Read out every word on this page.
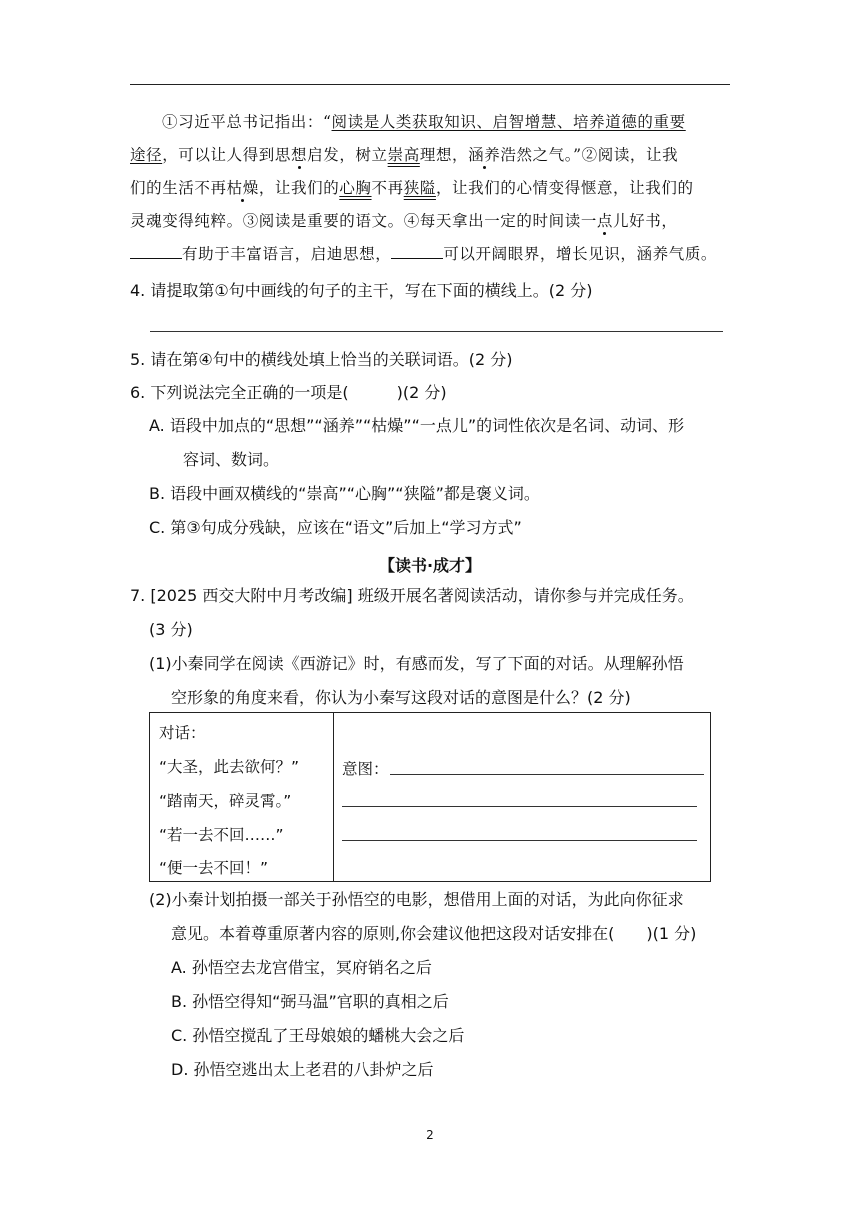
①习近平总书记指出：“阅读是人类获取知识、启智增慧、培养道德的重要
途径，可以让人得到思想启发，树立崇高理想，涵养浩然之气。”②阅读，让我
们的生活不再枯燥，让我们的心胸不再狭隘，让我们的心情变得惬意，让我们的
灵魂变得纯粹。③阅读是重要的语文。④每天拿出一定的时间读一点儿好书，
有助于丰富语言，启迪思想，	可以开阔眼界，增长见识，涵养气质。
4. 请提取第①句中画线的句子的主干，写在下面的横线上。(2 分)
5. 请在第④句中的横线处填上恰当的关联词语。(2 分)
6. 下列说法完全正确的一项是(　　　)(2 分)
A. 语段中加点的“思想”“涵养”“枯燥”“一点儿”的词性依次是名词、动词、形
容词、数词。
B. 语段中画双横线的“崇高”“心胸”“狭隘”都是褒义词。
C. 第③句成分残缺，应该在“语文”后加上“学习方式”
【读书·成才】
7. [2025 西交大附中月考改编] 班级开展名著阅读活动，请你参与并完成任务。
(3 分)
(1)小秦同学在阅读《西游记》时，有感而发，写了下面的对话。从理解孙悟
空形象的角度来看，你认为小秦写这段对话的意图是什么？(2 分)
对话：
“大圣，此去欲何？”
“踏南天，碎灵霄。”
“若一去不回……”
“便一去不回！”

意图：
(2)小秦计划拍摄一部关于孙悟空的电影，想借用上面的对话，为此向你征求
意见。本着尊重原著内容的原则,你会建议他把这段对话安排在(　　)(1 分)
A. 孙悟空去龙宫借宝，冥府销名之后
B. 孙悟空得知“弼马温”官职的真相之后
C. 孙悟空搅乱了王母娘娘的蟠桃大会之后
D. 孙悟空逃出太上老君的八卦炉之后
2
